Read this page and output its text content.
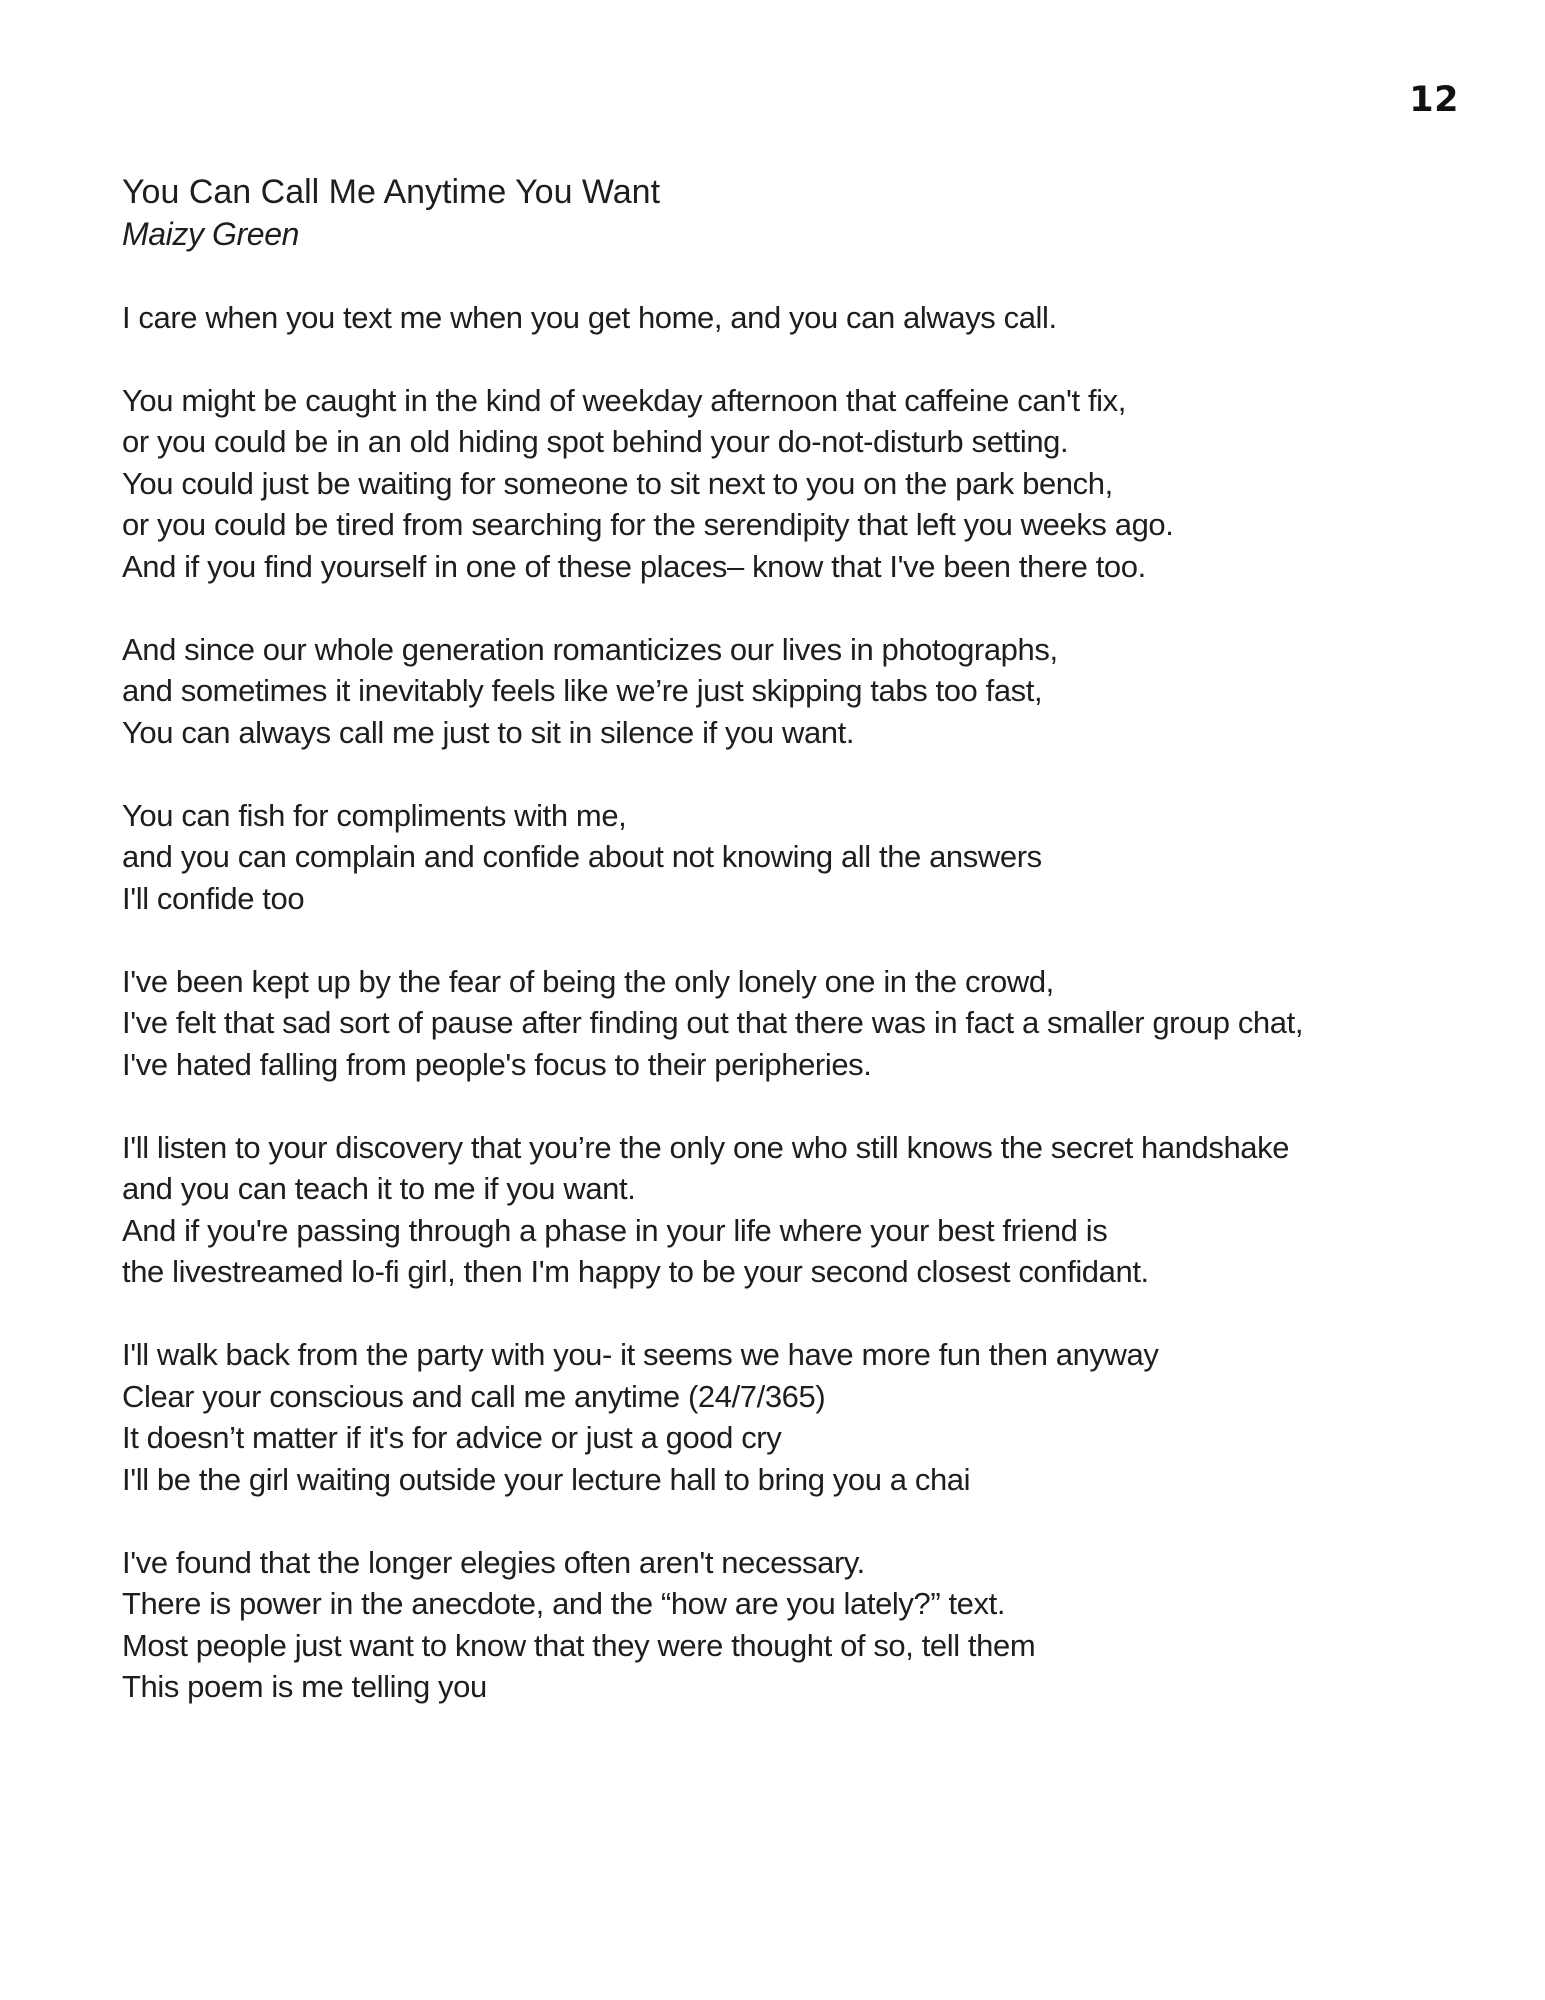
12
You Can Call Me Anytime You Want
Maizy Green
I care when you text me when you get home, and you can always call.
You might be caught in the kind of weekday afternoon that caffeine can't fix,
or you could be in an old hiding spot behind your do-not-disturb setting.
You could just be waiting for someone to sit next to you on the park bench,
or you could be tired from searching for the serendipity that left you weeks ago.
And if you find yourself in one of these places– know that I've been there too.
And since our whole generation romanticizes our lives in photographs,
and sometimes it inevitably feels like we’re just skipping tabs too fast,
You can always call me just to sit in silence if you want.
You can fish for compliments with me,
and you can complain and confide about not knowing all the answers
I'll confide too
I've been kept up by the fear of being the only lonely one in the crowd,
I've felt that sad sort of pause after finding out that there was in fact a smaller group chat,
I've hated falling from people's focus to their peripheries.
I'll listen to your discovery that you’re the only one who still knows the secret handshake
and you can teach it to me if you want.
And if you're passing through a phase in your life where your best friend is
the livestreamed lo-fi girl, then I'm happy to be your second closest confidant.
I'll walk back from the party with you- it seems we have more fun then anyway
Clear your conscious and call me anytime (24/7/365)
It doesn’t matter if it's for advice or just a good cry
I'll be the girl waiting outside your lecture hall to bring you a chai
I've found that the longer elegies often aren't necessary.
There is power in the anecdote, and the “how are you lately?” text.
Most people just want to know that they were thought of so, tell them
This poem is me telling you
